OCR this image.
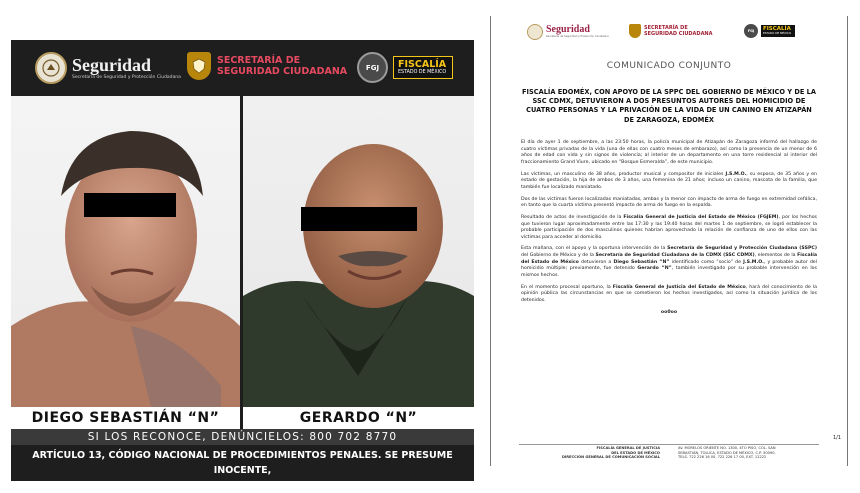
Seguridad
Secretaría de Seguridad y Protección Ciudadana
SECRETARÍA DE
SEGURIDAD CIUDADANA	FGJ FISCALÍA
ESTADO DE MÉXICO
DIEGO SEBASTIÁN “N”	GERARDO “N”
SI LOS RECONOCE, DENÚNCIELOS: 800 702 8770
ARTÍCULO 13, CÓDIGO NACIONAL DE PROCEDIMIENTOS PENALES. SE PRESUME INOCENTE,
MIENTRAS NO SE DECLARE SU RESPONSABILIDAD POR LA AUTORIDAD JUDICIAL
Seguridad
Secretaría de Seguridad y Protección Ciudadana
SECRETARÍA DE
SEGURIDAD CIUDADANA	FGJ FISCALÍA
ESTADO DE MÉXICO
COMUNICADO CONJUNTO
FISCALÍA EDOMÉX, CON APOYO DE LA SPPC DEL GOBIERNO DE MÉXICO Y DE LA SSC CDMX, DETUVIERON A DOS PRESUNTOS AUTORES DEL HOMICIDIO DE CUATRO PERSONAS Y LA PRIVACIÓN DE LA VIDA DE UN CANINO EN ATIZAPÁN DE ZARAGOZA, EDOMÉX

El día de ayer 1 de septiembre, a las 23:50 horas, la policía municipal de Atizapán de Zaragoza informó del hallazgo de cuatro víctimas privadas de la vida (una de ellas con cuatro meses de embarazo), así como la presencia de un menor de 6 años de edad con vida y sin signos de violencia; al interior de un departamento en una torre residencial al interior del fraccionamiento Grand Viure, ubicado en “Bosque Esmeralda”, de este municipio.

Las víctimas, un masculino de 38 años, productor musical y compositor de iniciales J.S.M.O., su esposa, de 35 años y en estado de gestación, la hija de ambos de 3 años, una femenina de 21 años; incluso un canino, mascota de la familia, que también fue localizado maniatado.

Dos de las víctimas fueron localizadas maniatadas, ambas y la menor con impacto de arma de fuego en extremidad cefálica, en tanto que la cuarta víctima presentó impacto de arma de fuego en la espalda.

Resultado de actos de investigación de la Fiscalía General de Justicia del Estado de México (FGJEM), por los hechos que tuvieron lugar aproximadamente entre las 17:30 y las 19:40 horas del martes 1 de septiembre, se logró establecer la probable participación de dos masculinos quienes habrían aprovechado la relación de confianza de uno de ellos con las víctimas para acceder al domicilio.

Esta mañana, con el apoyo y la oportuna intervención de la Secretaría de Seguridad y Protección Ciudadana (SSPC) del Gobierno de México y de la Secretaría de Seguridad Ciudadana de la CDMX (SSC CDMX), elementos de la Fiscalía del Estado de México detuvieron a Diego Sebastián “N” identificado como “socio” de J.S.M.O., y probable autor del homicidio múltiple; previamente, fue detenido Gerardo “N”, también investigado por su probable intervención en los mismos hechos.

En el momento procesal oportuno, la Fiscalía General de Justicia del Estado de México, hará del conocimiento de la opinión pública las circunstancias en que se cometieron los hechos investigados, así como la situación jurídica de los detenidos.

oo0oo
1/1
FISCALÍA GENERAL DE JUSTICIA
DEL ESTADO DE MÉXICO
DIRECCIÓN GENERAL DE COMUNICACIÓN SOCIAL
AV. MORELOS ORIENTE NO. 1300, 4TO PISO, COL. SAN
SEBASTIÁN, TOLUCA, ESTADO DE MÉXICO, C.P. 50090.
TELS. 722 226 16 00, 722 226 17 00, EXT. 12222
